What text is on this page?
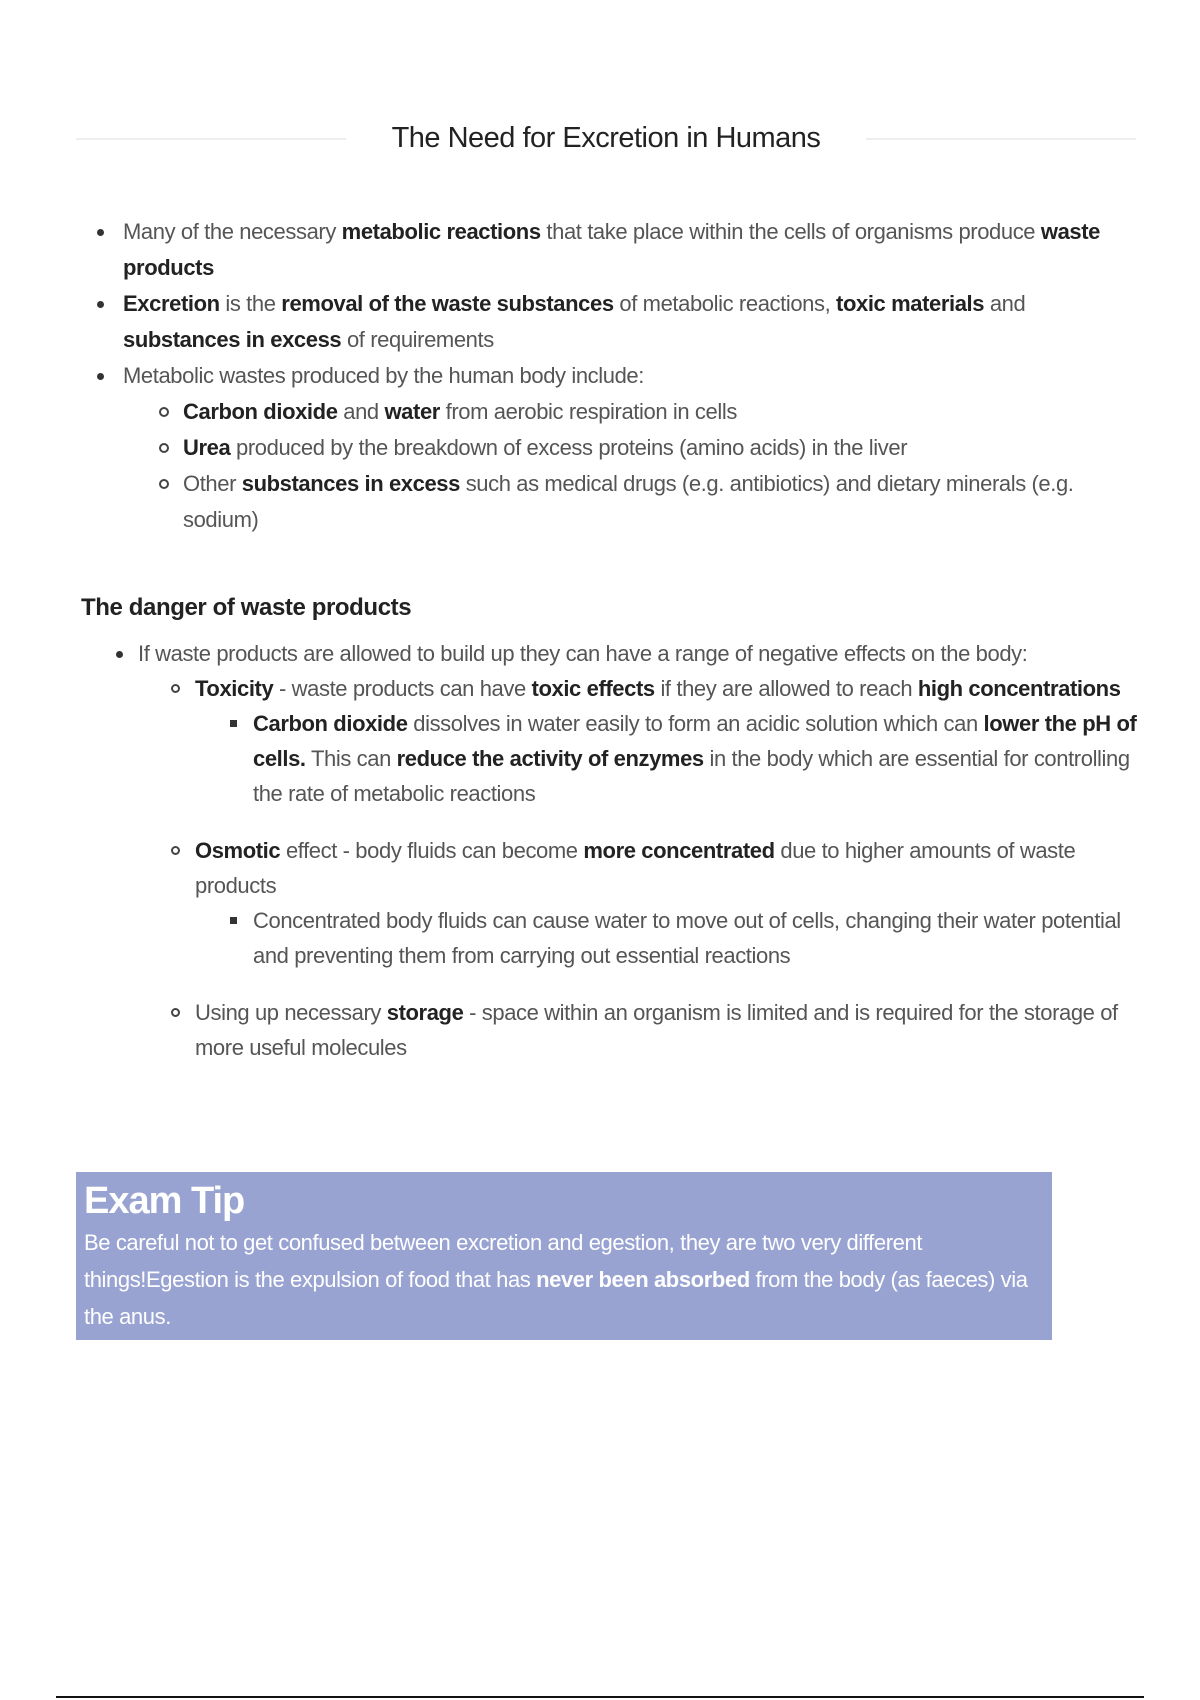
The Need for Excretion in Humans
Many of the necessary metabolic reactions that take place within the cells of organisms produce waste products
Excretion is the removal of the waste substances of metabolic reactions, toxic materials and substances in excess of requirements
Metabolic wastes produced by the human body include:
Carbon dioxide and water from aerobic respiration in cells
Urea produced by the breakdown of excess proteins (amino acids) in the liver
Other substances in excess such as medical drugs (e.g. antibiotics) and dietary minerals (e.g. sodium)
The danger of waste products
If waste products are allowed to build up they can have a range of negative effects on the body:
Toxicity - waste products can have toxic effects if they are allowed to reach high concentrations
Carbon dioxide dissolves in water easily to form an acidic solution which can lower the pH of cells. This can reduce the activity of enzymes in the body which are essential for controlling the rate of metabolic reactions
Osmotic effect - body fluids can become more concentrated due to higher amounts of waste products
Concentrated body fluids can cause water to move out of cells, changing their water potential and preventing them from carrying out essential reactions
Using up necessary storage - space within an organism is limited and is required for the storage of more useful molecules
Exam Tip
Be careful not to get confused between excretion and egestion, they are two very different things!Egestion is the expulsion of food that has never been absorbed from the body (as faeces) via the anus.
